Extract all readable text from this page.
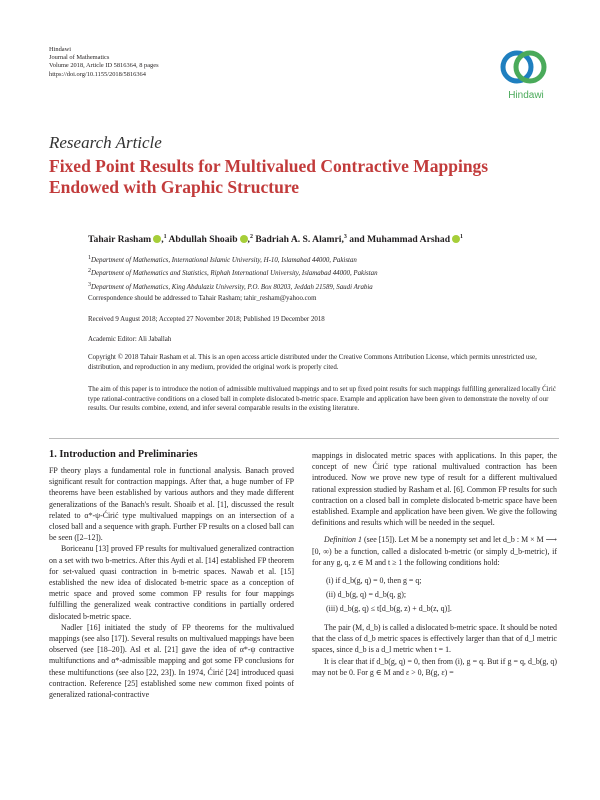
Hindawi
Journal of Mathematics
Volume 2018, Article ID 5816364, 8 pages
https://doi.org/10.1155/2018/5816364
Hindawi
Research Article
Fixed Point Results for Multivalued Contractive Mappings
Endowed with Graphic Structure
Tahair Rasham ,$^1$ Abdullah Shoaib ,$^2$ Badriah A. S. Alamri,$^3$ and Muhammad Arshad $^1$
1Department of Mathematics, International Islamic University, H-10, Islamabad 44000, Pakistan
2Department of Mathematics and Statistics, Riphah International University, Islamabad 44000, Pakistan
3Department of Mathematics, King Abdulaziz University, P.O. Box 80203, Jeddah 21589, Saudi Arabia
Correspondence should be addressed to Tahair Rasham; tahir_resham@yahoo.com
Received 9 August 2018; Accepted 27 November 2018; Published 19 December 2018
Academic Editor: Ali Jaballah
Copyright © 2018 Tahair Rasham et al. This is an open access article distributed under the Creative Commons Attribution License, which permits unrestricted use, distribution, and reproduction in any medium, provided the original work is properly cited.
The aim of this paper is to introduce the notion of admissible multivalued mappings and to set up fixed point results for such mappings fulfilling generalized locally Ćirić type rational-contractive conditions on a closed ball in complete dislocated b-metric space. Example and application have been given to demonstrate the novelty of our results. Our results combine, extend, and infer several comparable results in the existing literature.
1. Introduction and Preliminaries

FP theory plays a fundamental role in functional analysis. Banach proved significant result for contraction mappings. After that, a huge number of FP theorems have been established by various authors and they made different generalizations of the Banach's result. Shoaib et al. [1], discussed the result related to α*-ψ-Ćirić type multivalued mappings on an intersection of a closed ball and a sequence with graph. Further FP results on a closed ball can be seen ([2–12]).

Boriceanu [13] proved FP results for multivalued generalized contraction on a set with two b-metrics. After this Aydi et al. [14] established FP theorem for set-valued quasi contraction in b-metric spaces. Nawab et al. [15] established the new idea of dislocated b-metric space as a conception of metric space and proved some common FP results for four mappings fulfilling the generalized weak contractive conditions in partially ordered dislocated b-metric space.

Nadler [16] initiated the study of FP theorems for the multivalued mappings (see also [17]). Several results on multivalued mappings have been observed (see [18–20]). Asl et al. [21] gave the idea of α*-ψ contractive multifunctions and α*-admissible mapping and got some FP conclusions for these multifunctions (see also [22, 23]). In 1974, Ćirić [24] introduced quasi contraction. Reference [25] established some new common fixed points of generalized rational-contractive

mappings in dislocated metric spaces with applications. In this paper, the concept of new Ćirić type rational multivalued contraction has been introduced. Now we prove new type of result for a different multivalued rational expression studied by Rasham et al. [6]. Common FP results for such contraction on a closed ball in complete dislocated b-metric space have been established. Example and application have been given. We give the following definitions and results which will be needed in the sequel.

Definition 1 (see [15]). Let M be a nonempty set and let d_b : M × M ⟶ [0, ∞) be a function, called a dislocated b-metric (or simply d_b-metric), if for any g, q, z ∈ M and t ≥ 1 the following conditions hold:

(i) if d_b(g, q) = 0, then g = q;
(ii) d_b(g, q) = d_b(q, g);
(iii) d_b(g, q) ≤ t[d_b(g, z) + d_b(z, q)].

The pair (M, d_b) is called a dislocated b-metric space. It should be noted that the class of d_b metric spaces is effectively larger than that of d_l metric spaces, since d_b is a d_l metric when t = 1.

It is clear that if d_b(g, q) = 0, then from (i), g = q. But if g = q, d_b(g, q) may not be 0. For g ∈ M and ε > 0, B(g, ε) =
